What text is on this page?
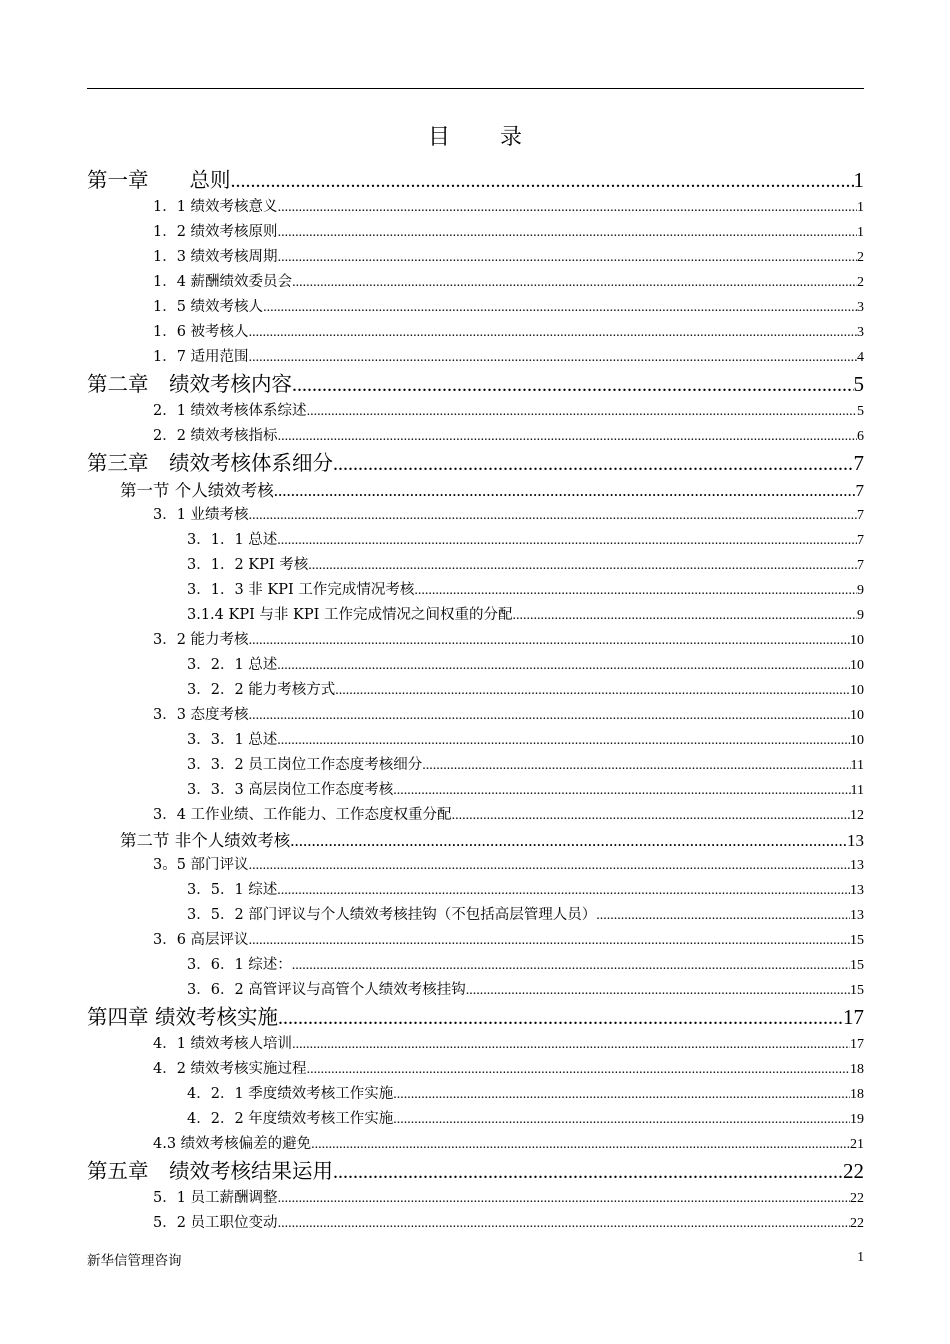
目 录
第一章　　总则 .....	1
1．1 绩效考核意义 .....	1
1．2 绩效考核原则 .....	1
1．3 绩效考核周期 .....	2
1．4 薪酬绩效委员会 .....	2
1．5 绩效考核人 .....	3
1．6 被考核人 .....	3
1．7 适用范围 .....	4
第二章　绩效考核内容 .....	5
2．1 绩效考核体系综述 .....	5
2．2 绩效考核指标 .....	6
第三章　绩效考核体系细分 .....	7
第一节 个人绩效考核 .....	7
3．1 业绩考核 .....	7
3．1．1 总述 .....	7
3．1．2 KPI 考核 .....	7
3．1．3 非 KPI 工作完成情况考核 .....	9
3.1.4 KPI 与非 KPI 工作完成情况之间权重的分配 .....	9
3．2 能力考核 .....	10
3．2．1 总述 .....	10
3．2．2 能力考核方式 .....	10
3．3 态度考核 .....	10
3．3．1 总述 .....	10
3．3．2 员工岗位工作态度考核细分 .....	11
3．3．3 高层岗位工作态度考核 .....	11
3．4 工作业绩、工作能力、工作态度权重分配 .....	12
第二节 非个人绩效考核 .....	13
3。5 部门评议 .....	13
3．5．1 综述 .....	13
3．5．2 部门评议与个人绩效考核挂钩（不包括高层管理人员） .....	13
3．6 高层评议 .....	15
3．6．1 综述： .....	15
3．6．2 高管评议与高管个人绩效考核挂钩 .....	15
第四章 绩效考核实施 .....	17
4．1 绩效考核人培训 .....	17
4．2 绩效考核实施过程 .....	18
4．2．1 季度绩效考核工作实施 .....	18
4．2．2 年度绩效考核工作实施 .....	19
4.3 绩效考核偏差的避免 .....	21
第五章　绩效考核结果运用 .....	22
5．1 员工薪酬调整 .....	22
5．2 员工职位变动 .....	22
新华信管理咨询	1
